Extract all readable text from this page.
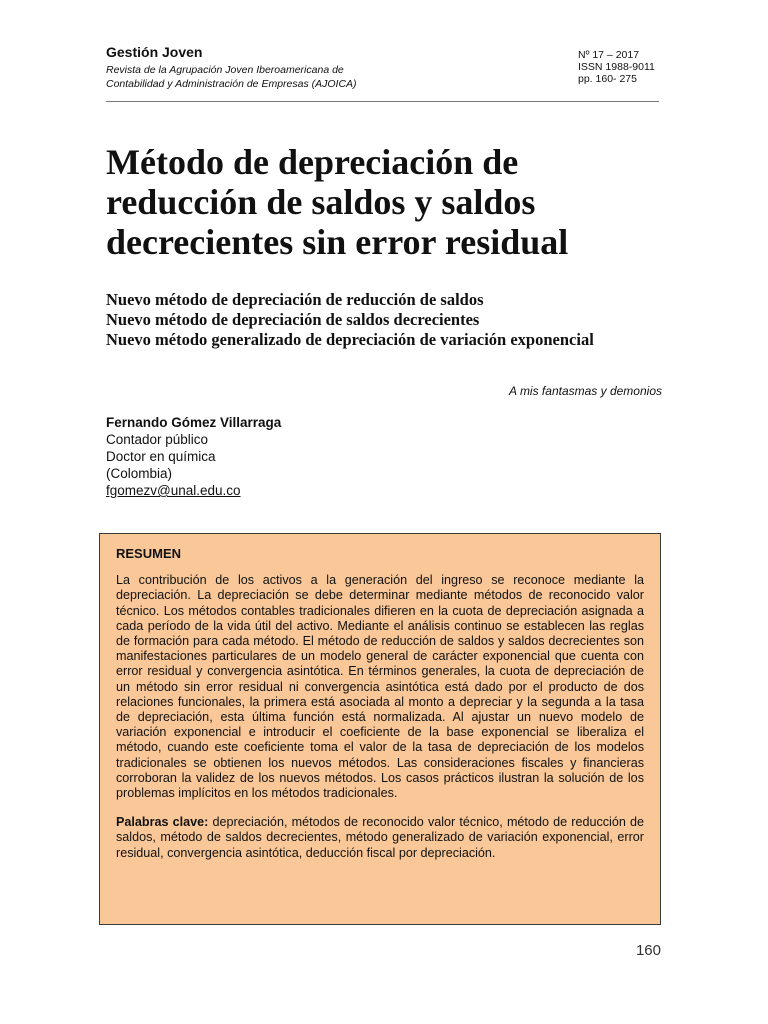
Gestión Joven
Revista de la Agrupación Joven Iberoamericana de
Contabilidad y Administración de Empresas (AJOICA)
Nº 17 – 2017
ISSN 1988-9011
pp. 160- 275
Método de depreciación de
reducción de saldos y saldos
decrecientes sin error residual
Nuevo método de depreciación de reducción de saldos
Nuevo método de depreciación de saldos decrecientes
Nuevo método generalizado de depreciación de variación exponencial
A mis fantasmas y demonios
Fernando Gómez Villarraga
Contador público
Doctor en química
(Colombia)
fgomezv@unal.edu.co
RESUMEN

La contribución de los activos a la generación del ingreso se reconoce mediante la depreciación. La depreciación se debe determinar mediante métodos de reconocido valor técnico. Los métodos contables tradicionales difieren en la cuota de depreciación asignada a cada período de la vida útil del activo. Mediante el análisis continuo se establecen las reglas de formación para cada método. El método de reducción de saldos y saldos decrecientes son manifestaciones particulares de un modelo general de carácter exponencial que cuenta con error residual y convergencia asintótica. En términos generales, la cuota de depreciación de un método sin error residual ni convergencia asintótica está dado por el producto de dos relaciones funcionales, la primera está asociada al monto a depreciar y la segunda a la tasa de depreciación, esta última función está normalizada. Al ajustar un nuevo modelo de variación exponencial e introducir el coeficiente de la base exponencial se liberaliza el método, cuando este coeficiente toma el valor de la tasa de depreciación de los modelos tradicionales se obtienen los nuevos métodos. Las consideraciones fiscales y financieras corroboran la validez de los nuevos métodos. Los casos prácticos ilustran la solución de los problemas implícitos en los métodos tradicionales.

Palabras clave: depreciación, métodos de reconocido valor técnico, método de reducción de saldos, método de saldos decrecientes, método generalizado de variación exponencial, error residual, convergencia asintótica, deducción fiscal por depreciación.

160
